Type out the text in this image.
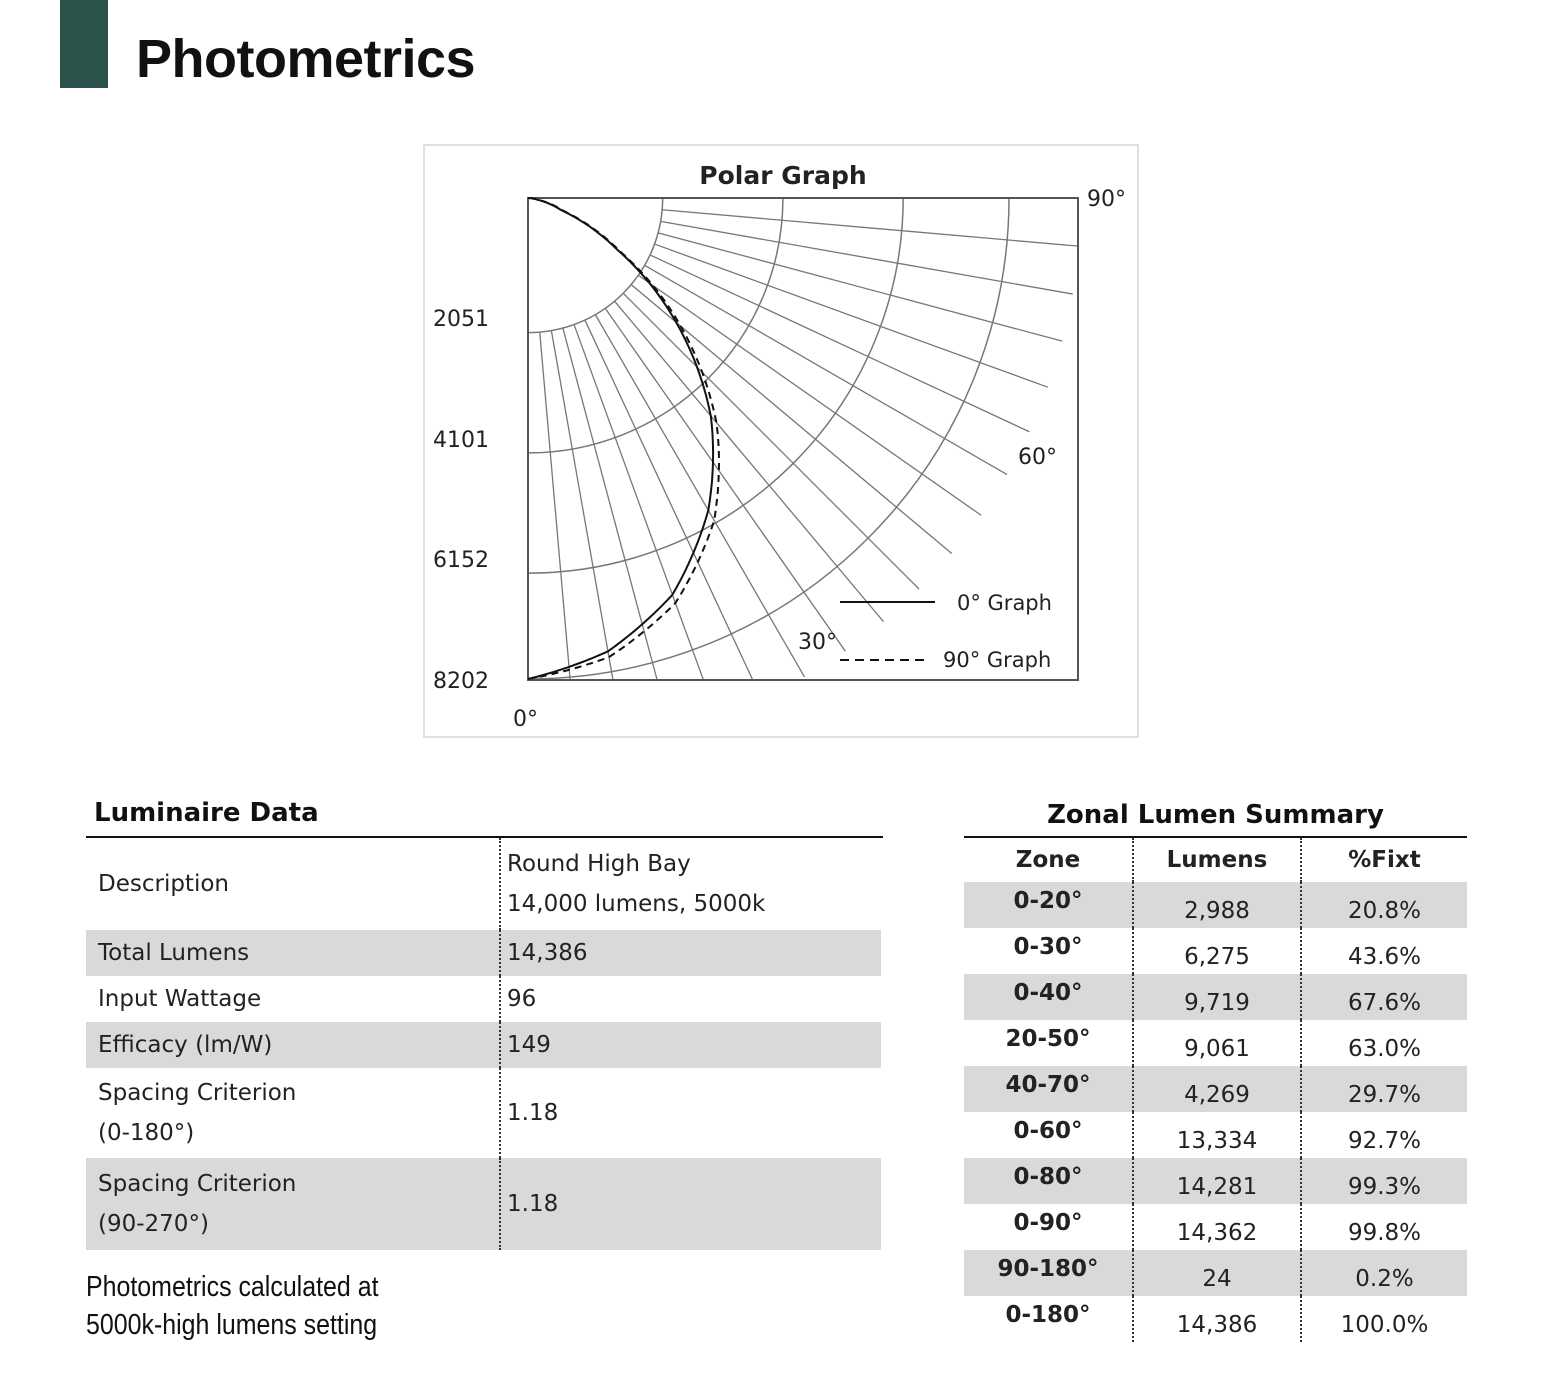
Photometrics
Polar Graph
2051
4101
6152
8202
0°
30°
60°
90°
0° Graph
90° Graph
Luminaire Data
Description	Round High Bay
14,000 lumens, 5000k

Total Lumens	14,386
Input Wattage	96
Efficacy (lm/W)	149

Spacing Criterion
(0-180°)	1.18

Spacing Criterion
(90-270°)	1.18
Photometrics calculated at
5000k-high lumens setting
Zonal Lumen Summary
Zone	Lumens	%Fixt
0-20°	2,988	20.8%
0-30°	6,275	43.6%
0-40°	9,719	67.6%
20-50°	9,061	63.0%
40-70°	4,269	29.7%
0-60°	13,334	92.7%
0-80°	14,281	99.3%
0-90°	14,362	99.8%
90-180°	24	0.2%
0-180°	14,386	100.0%
